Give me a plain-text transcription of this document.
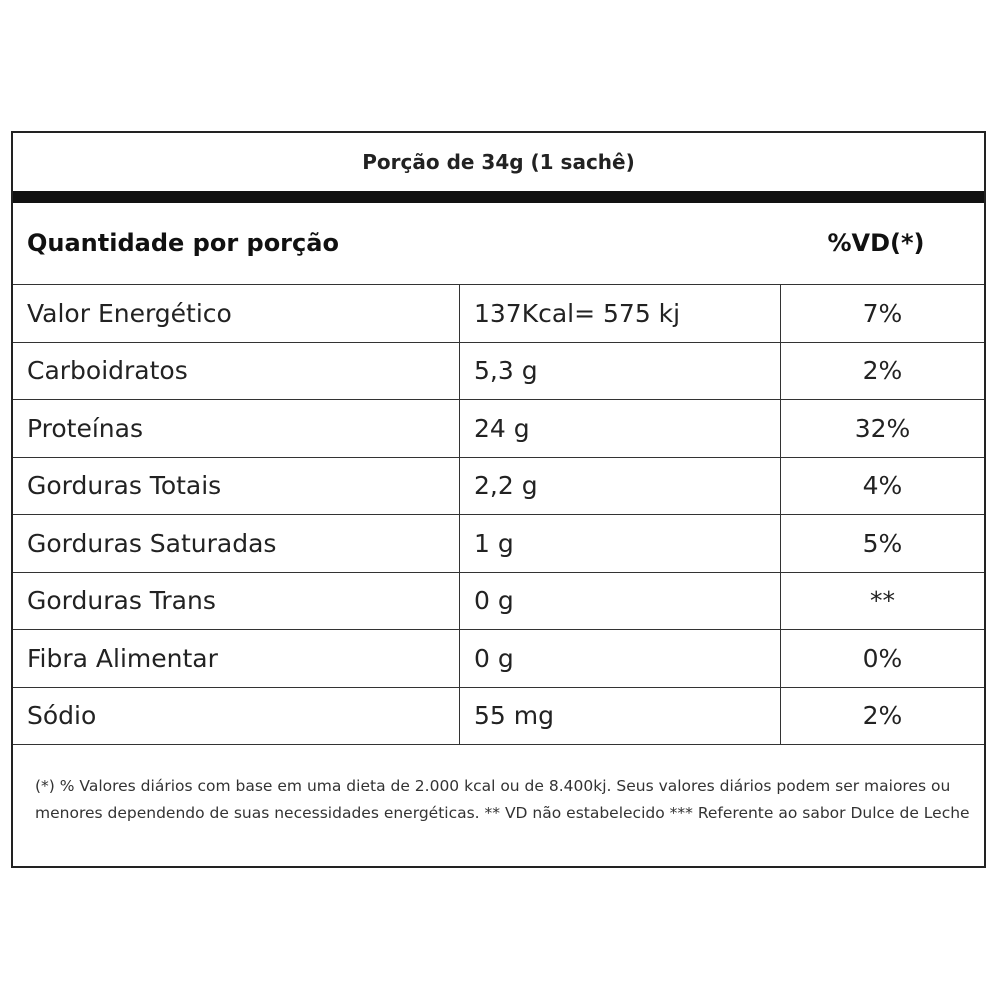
Porção de 34g (1 sachê)
Quantidade por porção	%VD(*)
Valor Energético	137Kcal= 575 kj	7%
Carboidratos	5,3 g	2%
Proteínas	24 g	32%
Gorduras Totais	2,2 g	4%
Gorduras Saturadas	1 g	5%
Gorduras Trans	0 g	**
Fibra Alimentar	0 g	0%
Sódio	55 mg	2%
(*) % Valores diários com base em uma dieta de 2.000 kcal ou de 8.400kj. Seus valores diários podem ser maiores ou menores dependendo de suas necessidades energéticas. ** VD não estabelecido *** Referente ao sabor Dulce de Leche
